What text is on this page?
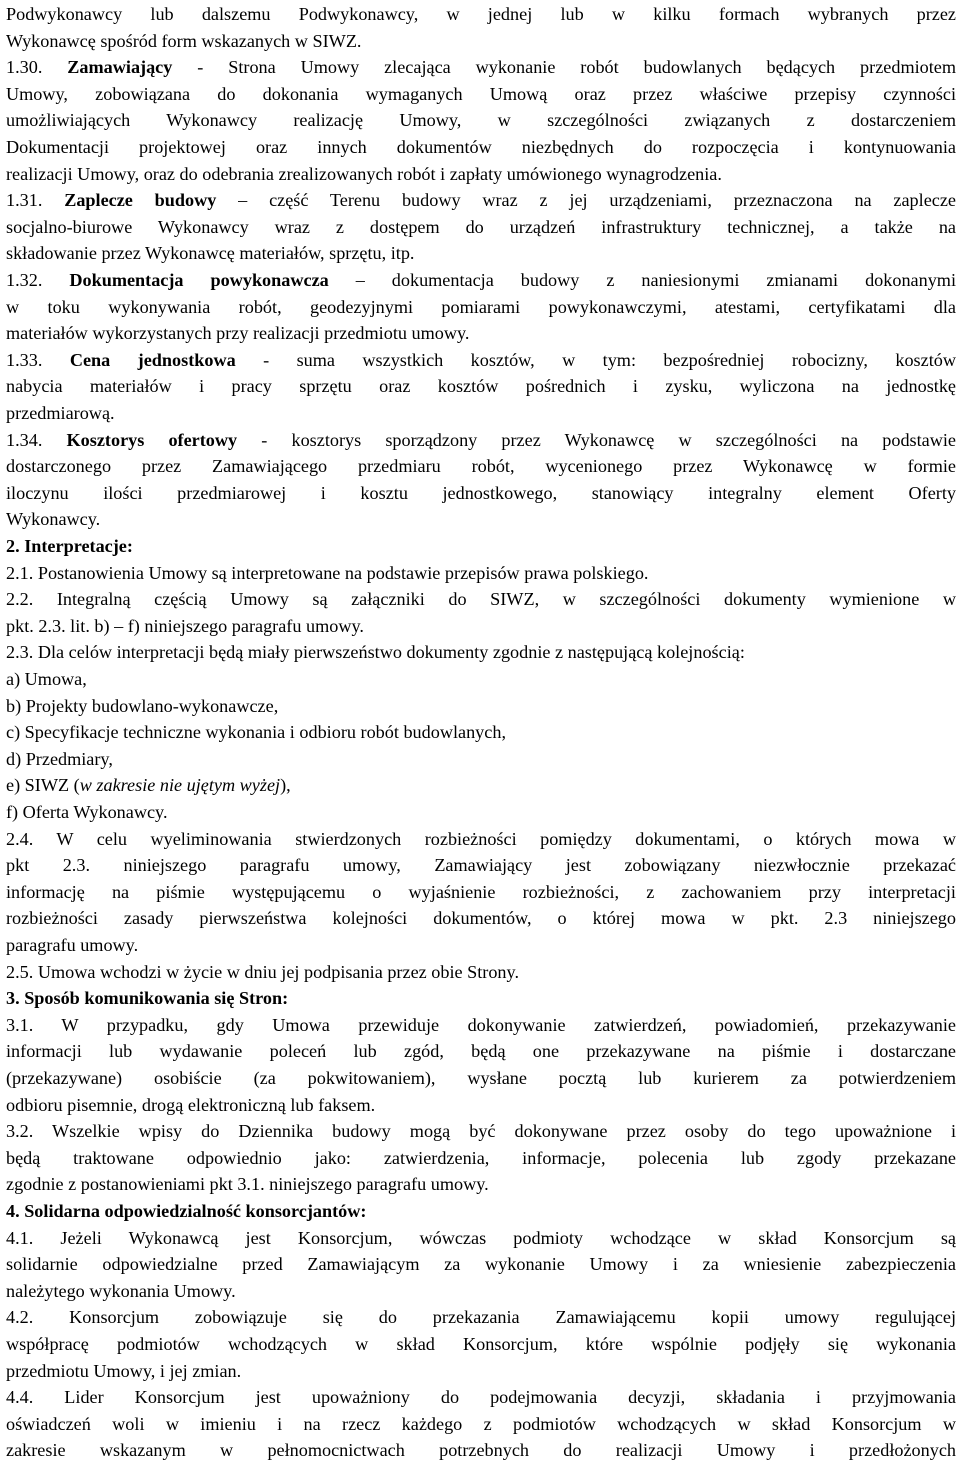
Podwykonawcy lub dalszemu Podwykonawcy, w jednej lub w kilku formach wybranych przez
Wykonawcę spośród form wskazanych w SIWZ.
1.30. Zamawiający - Strona Umowy zlecająca wykonanie robót budowlanych będących przedmiotem
Umowy, zobowiązana do dokonania wymaganych Umową oraz przez właściwe przepisy czynności
umożliwiających Wykonawcy realizację Umowy, w szczególności związanych z dostarczeniem
Dokumentacji projektowej oraz innych dokumentów niezbędnych do rozpoczęcia i kontynuowania
realizacji Umowy, oraz do odebrania zrealizowanych robót i zapłaty umówionego wynagrodzenia.
1.31. Zaplecze budowy – część Terenu budowy wraz z jej urządzeniami, przeznaczona na zaplecze
socjalno-biurowe Wykonawcy wraz z dostępem do urządzeń infrastruktury technicznej, a także na
składowanie przez Wykonawcę materiałów, sprzętu, itp.
1.32. Dokumentacja powykonawcza – dokumentacja budowy z naniesionymi zmianami dokonanymi
w toku wykonywania robót, geodezyjnymi pomiarami powykonawczymi, atestami, certyfikatami dla
materiałów wykorzystanych przy realizacji przedmiotu umowy.
1.33. Cena jednostkowa - suma wszystkich kosztów, w tym: bezpośredniej robocizny, kosztów
nabycia materiałów i pracy sprzętu oraz kosztów pośrednich i zysku, wyliczona na jednostkę
przedmiarową.
1.34. Kosztorys ofertowy - kosztorys sporządzony przez Wykonawcę w szczególności na podstawie
dostarczonego przez Zamawiającego przedmiaru robót, wycenionego przez Wykonawcę w formie
iloczynu ilości przedmiarowej i kosztu jednostkowego, stanowiący integralny element Oferty
Wykonawcy.
2. Interpretacje:
2.1. Postanowienia Umowy są interpretowane na podstawie przepisów prawa polskiego.
2.2. Integralną częścią Umowy są załączniki do SIWZ, w szczególności dokumenty wymienione w
pkt. 2.3. lit. b) – f) niniejszego paragrafu umowy.
2.3. Dla celów interpretacji będą miały pierwszeństwo dokumenty zgodnie z następującą kolejnością:
a) Umowa,
b) Projekty budowlano-wykonawcze,
c) Specyfikacje techniczne wykonania i odbioru robót budowlanych,
d) Przedmiary,
e) SIWZ (w zakresie nie ujętym wyżej),
f) Oferta Wykonawcy.
2.4. W celu wyeliminowania stwierdzonych rozbieżności pomiędzy dokumentami, o których mowa w
pkt 2.3. niniejszego paragrafu umowy, Zamawiający jest zobowiązany niezwłocznie przekazać
informację na piśmie występującemu o wyjaśnienie rozbieżności, z zachowaniem przy interpretacji
rozbieżności zasady pierwszeństwa kolejności dokumentów, o której mowa w pkt. 2.3 niniejszego
paragrafu umowy.
2.5. Umowa wchodzi w życie w dniu jej podpisania przez obie Strony.
3. Sposób komunikowania się Stron:
3.1. W przypadku, gdy Umowa przewiduje dokonywanie zatwierdzeń, powiadomień, przekazywanie
informacji lub wydawanie poleceń lub zgód, będą one przekazywane na piśmie i dostarczane
(przekazywane) osobiście (za pokwitowaniem), wysłane pocztą lub kurierem za potwierdzeniem
odbioru pisemnie, drogą elektroniczną lub faksem.
3.2. Wszelkie wpisy do Dziennika budowy mogą być dokonywane przez osoby do tego upoważnione i
będą traktowane odpowiednio jako: zatwierdzenia, informacje, polecenia lub zgody przekazane
zgodnie z postanowieniami pkt 3.1. niniejszego paragrafu umowy.
4. Solidarna odpowiedzialność konsorcjantów:
4.1. Jeżeli Wykonawcą jest Konsorcjum, wówczas podmioty wchodzące w skład Konsorcjum są
solidarnie odpowiedzialne przed Zamawiającym za wykonanie Umowy i za wniesienie zabezpieczenia
należytego wykonania Umowy.
4.2. Konsorcjum zobowiązuje się do przekazania Zamawiającemu kopii umowy regulującej
współpracę podmiotów wchodzących w skład Konsorcjum, które wspólnie podjęły się wykonania
przedmiotu Umowy, i jej zmian.
4.4. Lider Konsorcjum jest upoważniony do podejmowania decyzji, składania i przyjmowania
oświadczeń woli w imieniu i na rzecz każdego z podmiotów wchodzących w skład Konsorcjum w
zakresie wskazanym w pełnomocnictwach potrzebnych do realizacji Umowy i przedłożonych
